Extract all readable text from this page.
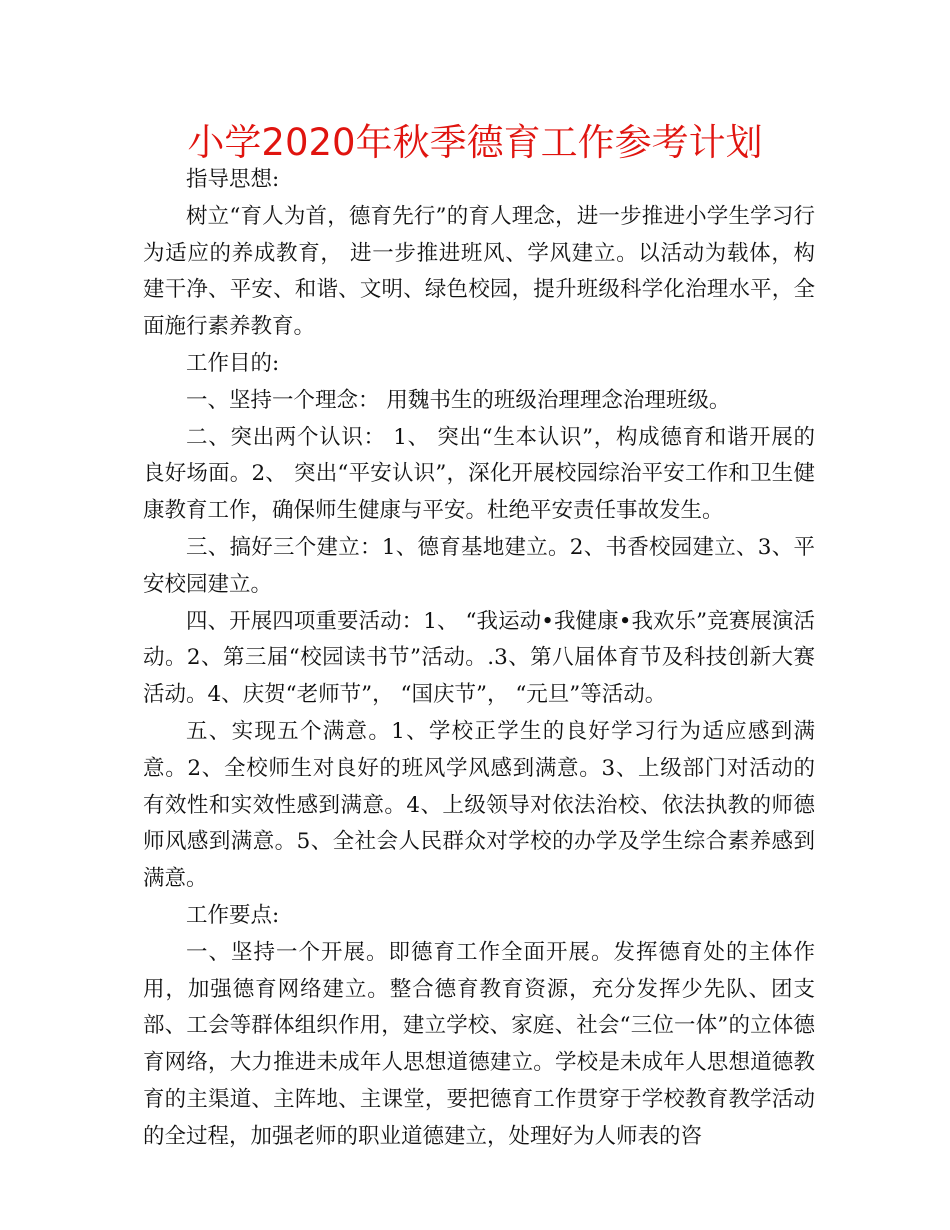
小学2020年秋季德育工作参考计划

指导思想:

树立“育人为首，德育先行”的育人理念，进一步推进小学生学习行为适应的养成教育， 进一步推进班风、学风建立。以活动为载体，构建干净、平安、和谐、文明、绿色校园，提升班级科学化治理水平，全面施行素养教育。

工作目的:

一、坚持一个理念： 用魏书生的班级治理理念治理班级。

二、突出两个认识： 1、 突出“生本认识”，构成德育和谐开展的良好场面。2、 突出“平安认识”，深化开展校园综治平安工作和卫生健康教育工作，确保师生健康与平安。杜绝平安责任事故发生。

三、搞好三个建立：1、德育基地建立。2、书香校园建立、3、平安校园建立。

四、开展四项重要活动：1、 “我运动•我健康•我欢乐”竞赛展演活动。2、第三届“校园读书节”活动。.3、第八届体育节及科技创新大赛活动。4、庆贺“老师节”， “国庆节”， “元旦”等活动。

五、实现五个满意。1、学校正学生的良好学习行为适应感到满意。2、全校师生对良好的班风学风感到满意。3、上级部门对活动的有效性和实效性感到满意。4、上级领导对依法治校、依法执教的师德师风感到满意。5、全社会人民群众对学校的办学及学生综合素养感到满意。

工作要点:

一、坚持一个开展。即德育工作全面开展。发挥德育处的主体作用，加强德育网络建立。整合德育教育资源，充分发挥少先队、团支部、工会等群体组织作用，建立学校、家庭、社会“三位一体”的立体德育网络，大力推进未成年人思想道德建立。学校是未成年人思想道德教育的主渠道、主阵地、主课堂，要把德育工作贯穿于学校教育教学活动的全过程，加强老师的职业道德建立，处理好为人师表的咨
